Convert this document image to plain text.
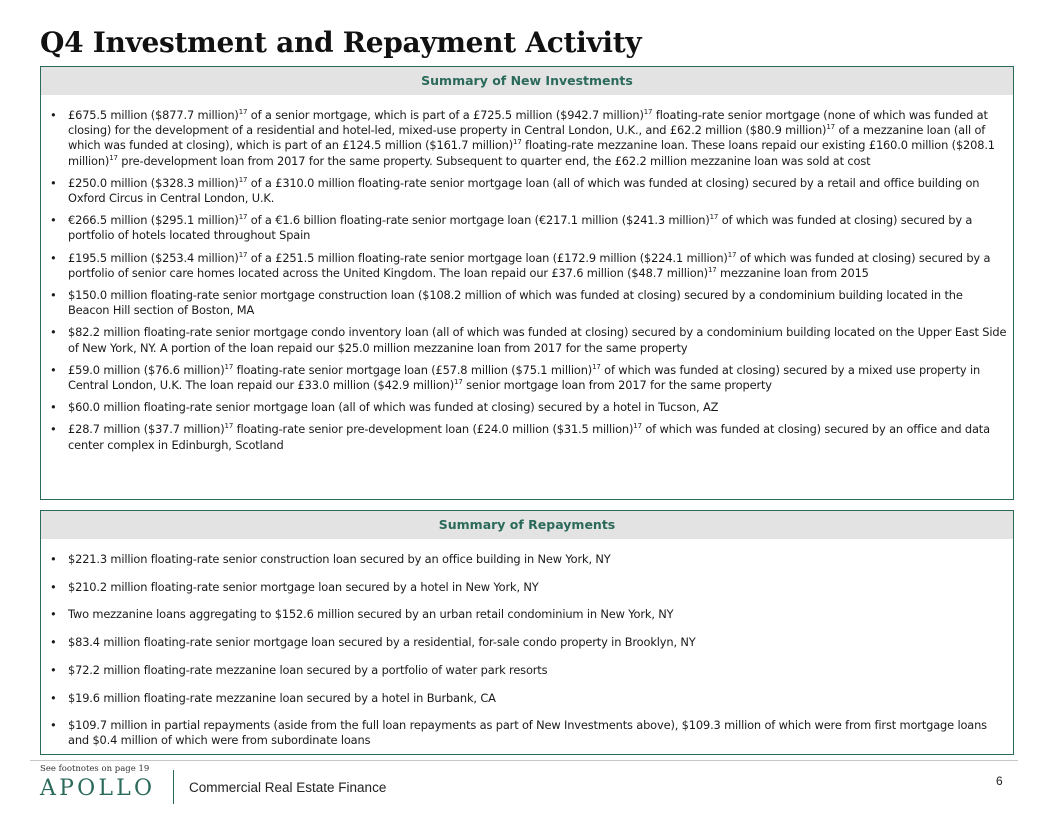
Q4 Investment and Repayment Activity
Summary of New Investments
• £675.5 million ($877.7 million)$^{17}$ of a senior mortgage, which is part of a £725.5 million ($942.7 million)$^{17}$ floating-rate senior mortgage (none of which was funded at closing) for the development of a residential and hotel-led, mixed-use property in Central London, U.K., and £62.2 million ($80.9 million)$^{17}$ of a mezzanine loan (all of which was funded at closing), which is part of an £124.5 million ($161.7 million)$^{17}$ floating-rate mezzanine loan. These loans repaid our existing £160.0 million ($208.1 million)$^{17}$ pre-development loan from 2017 for the same property. Subsequent to quarter end, the £62.2 million mezzanine loan was sold at cost
• £250.0 million ($328.3 million)$^{17}$ of a £310.0 million floating-rate senior mortgage loan (all of which was funded at closing) secured by a retail and office building on Oxford Circus in Central London, U.K.
• €266.5 million ($295.1 million)$^{17}$ of a €1.6 billion floating-rate senior mortgage loan (€217.1 million ($241.3 million)$^{17}$ of which was funded at closing) secured by a portfolio of hotels located throughout Spain
• £195.5 million ($253.4 million)$^{17}$ of a £251.5 million floating-rate senior mortgage loan (£172.9 million ($224.1 million)$^{17}$ of which was funded at closing) secured by a portfolio of senior care homes located across the United Kingdom. The loan repaid our £37.6 million ($48.7 million)$^{17}$ mezzanine loan from 2015
• $150.0 million floating-rate senior mortgage construction loan ($108.2 million of which was funded at closing) secured by a condominium building located in the Beacon Hill section of Boston, MA
• $82.2 million floating-rate senior mortgage condo inventory loan (all of which was funded at closing) secured by a condominium building located on the Upper East Side of New York, NY. A portion of the loan repaid our $25.0 million mezzanine loan from 2017 for the same property
• £59.0 million ($76.6 million)$^{17}$ floating-rate senior mortgage loan (£57.8 million ($75.1 million)$^{17}$ of which was funded at closing) secured by a mixed use property in Central London, U.K. The loan repaid our £33.0 million ($42.9 million)$^{17}$ senior mortgage loan from 2017 for the same property
• $60.0 million floating-rate senior mortgage loan (all of which was funded at closing) secured by a hotel in Tucson, AZ
• £28.7 million ($37.7 million)$^{17}$ floating-rate senior pre-development loan (£24.0 million ($31.5 million)$^{17}$ of which was funded at closing) secured by an office and data center complex in Edinburgh, Scotland
Summary of Repayments
• $221.3 million floating-rate senior construction loan secured by an office building in New York, NY
• $210.2 million floating-rate senior mortgage loan secured by a hotel in New York, NY
• Two mezzanine loans aggregating to $152.6 million secured by an urban retail condominium in New York, NY
• $83.4 million floating-rate senior mortgage loan secured by a residential, for-sale condo property in Brooklyn, NY
• $72.2 million floating-rate mezzanine loan secured by a portfolio of water park resorts
• $19.6 million floating-rate mezzanine loan secured by a hotel in Burbank, CA
• $109.7 million in partial repayments (aside from the full loan repayments as part of New Investments above), $109.3 million of which were from first mortgage loans and $0.4 million of which were from subordinate loans
See footnotes on page 19
APOLLO	Commercial Real Estate Finance	6
